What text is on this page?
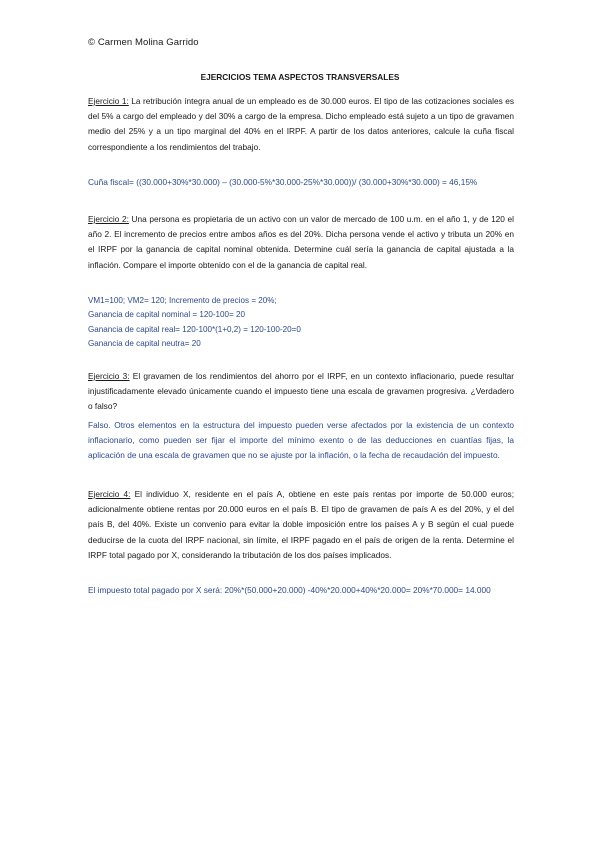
© Carmen Molina Garrido
EJERCICIOS TEMA ASPECTOS TRANSVERSALES
Ejercicio 1: La retribución íntegra anual de un empleado es de 30.000 euros. El tipo de las cotizaciones sociales es del 5% a cargo del empleado y del 30% a cargo de la empresa. Dicho empleado está sujeto a un tipo de gravamen medio del 25% y a un tipo marginal del 40% en el IRPF. A partir de los datos anteriores, calcule la cuña fiscal correspondiente a los rendimientos del trabajo.
Cuña fiscal= ((30.000+30%*30.000) – (30.000-5%*30.000-25%*30.000))/ (30.000+30%*30.000) = 46,15%
Ejercicio 2: Una persona es propietaria de un activo con un valor de mercado de 100 u.m. en el año 1, y de 120 el año 2. El incremento de precios entre ambos años es del 20%. Dicha persona vende el activo y tributa un 20% en el IRPF por la ganancia de capital nominal obtenida. Determine cuál sería la ganancia de capital ajustada a la inflación. Compare el importe obtenido con el de la ganancia de capital real.
VM1=100; VM2= 120; Incremento de precios = 20%;
Ganancia de capital nominal = 120-100= 20
Ganancia de capital real= 120-100*(1+0,2) = 120-100-20=0
Ganancia de capital neutra= 20
Ejercicio 3: El gravamen de los rendimientos del ahorro por el IRPF, en un contexto inflacionario, puede resultar injustificadamente elevado únicamente cuando el impuesto tiene una escala de gravamen progresiva. ¿Verdadero o falso?
Falso. Otros elementos en la estructura del impuesto pueden verse afectados por la existencia de un contexto inflacionario, como pueden ser fijar el importe del mínimo exento o de las deducciones en cuantías fijas, la aplicación de una escala de gravamen que no se ajuste por la inflación, o la fecha de recaudación del impuesto.
Ejercicio 4: El individuo X, residente en el país A, obtiene en este país rentas por importe de 50.000 euros; adicionalmente obtiene rentas por 20.000 euros en el país B. El tipo de gravamen de país A es del 20%, y el del país B, del 40%. Existe un convenio para evitar la doble imposición entre los países A y B según el cual puede deducirse de la cuota del IRPF nacional, sin límite, el IRPF pagado en el país de origen de la renta. Determine el IRPF total pagado por X, considerando la tributación de los dos países implicados.
El impuesto total pagado por X será: 20%*(50.000+20.000) -40%*20.000+40%*20.000= 20%*70.000= 14.000
